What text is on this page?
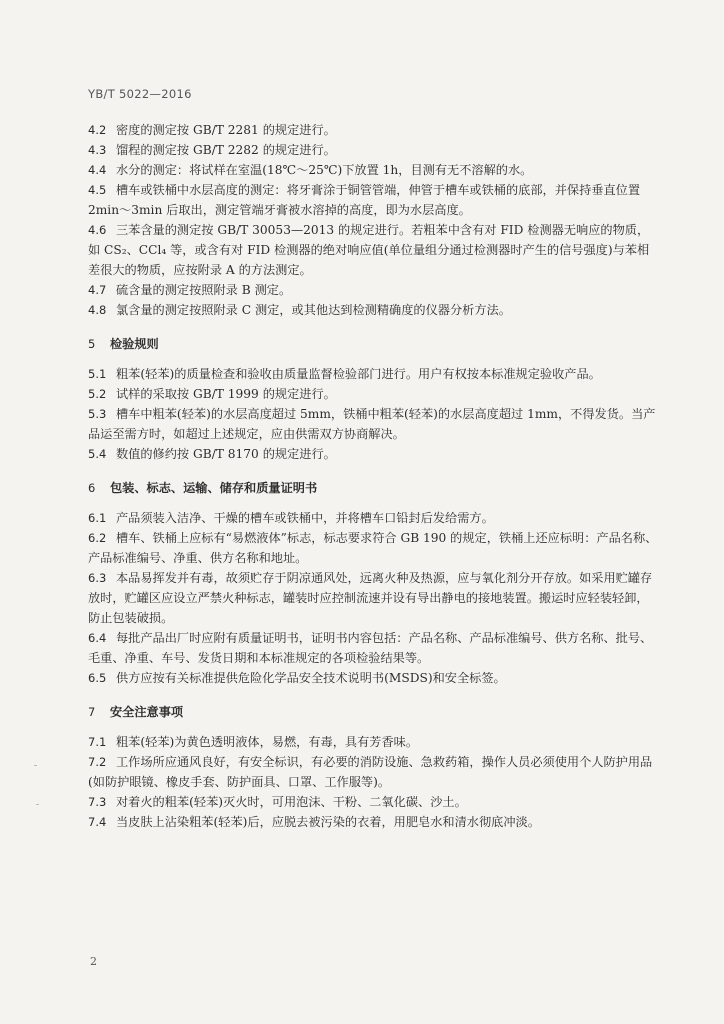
YB/T 5022—2016

4.2 密度的测定按 GB/T 2281 的规定进行。

4.3 馏程的测定按 GB/T 2282 的规定进行。

4.4 水分的测定：将试样在室温(18℃～25℃)下放置 1h，目测有无不溶解的水。

4.5 槽车或铁桶中水层高度的测定：将牙膏涂于铜管管端，伸管于槽车或铁桶的底部，并保持垂直位置 2min～3min 后取出，测定管端牙膏被水溶掉的高度，即为水层高度。

4.6 三苯含量的测定按 GB/T 30053—2013 的规定进行。若粗苯中含有对 FID 检测器无响应的物质，如 CS₂、CCl₄ 等，或含有对 FID 检测器的绝对响应值(单位量组分通过检测器时产生的信号强度)与苯相差很大的物质，应按附录 A 的方法测定。

4.7 硫含量的测定按照附录 B 测定。

4.8 氯含量的测定按照附录 C 测定，或其他达到检测精确度的仪器分析方法。

5 检验规则

5.1 粗苯(轻苯)的质量检查和验收由质量监督检验部门进行。用户有权按本标准规定验收产品。

5.2 试样的采取按 GB/T 1999 的规定进行。

5.3 槽车中粗苯(轻苯)的水层高度超过 5mm，铁桶中粗苯(轻苯)的水层高度超过 1mm，不得发货。当产品运至需方时，如超过上述规定，应由供需双方协商解决。

5.4 数值的修约按 GB/T 8170 的规定进行。

6 包装、标志、运输、储存和质量证明书

6.1 产品须装入洁净、干燥的槽车或铁桶中，并将槽车口铅封后发给需方。

6.2 槽车、铁桶上应标有“易燃液体”标志，标志要求符合 GB 190 的规定，铁桶上还应标明：产品名称、产品标准编号、净重、供方名称和地址。

6.3 本品易挥发并有毒，故须贮存于阴凉通风处，远离火种及热源，应与氧化剂分开存放。如采用贮罐存放时，贮罐区应设立严禁火种标志，罐装时应控制流速并设有导出静电的接地装置。搬运时应轻装轻卸，防止包装破损。

6.4 每批产品出厂时应附有质量证明书，证明书内容包括：产品名称、产品标准编号、供方名称、批号、毛重、净重、车号、发货日期和本标准规定的各项检验结果等。

6.5 供方应按有关标准提供危险化学品安全技术说明书(MSDS)和安全标签。

7 安全注意事项

7.1 粗苯(轻苯)为黄色透明液体，易燃，有毒，具有芳香味。

7.2 工作场所应通风良好，有安全标识，有必要的消防设施、急救药箱，操作人员必须使用个人防护用品(如防护眼镜、橡皮手套、防护面具、口罩、工作服等)。

7.3 对着火的粗苯(轻苯)灭火时，可用泡沫、干粉、二氧化碳、沙土。

7.4 当皮肤上沾染粗苯(轻苯)后，应脱去被污染的衣着，用肥皂水和清水彻底冲淡。

2
